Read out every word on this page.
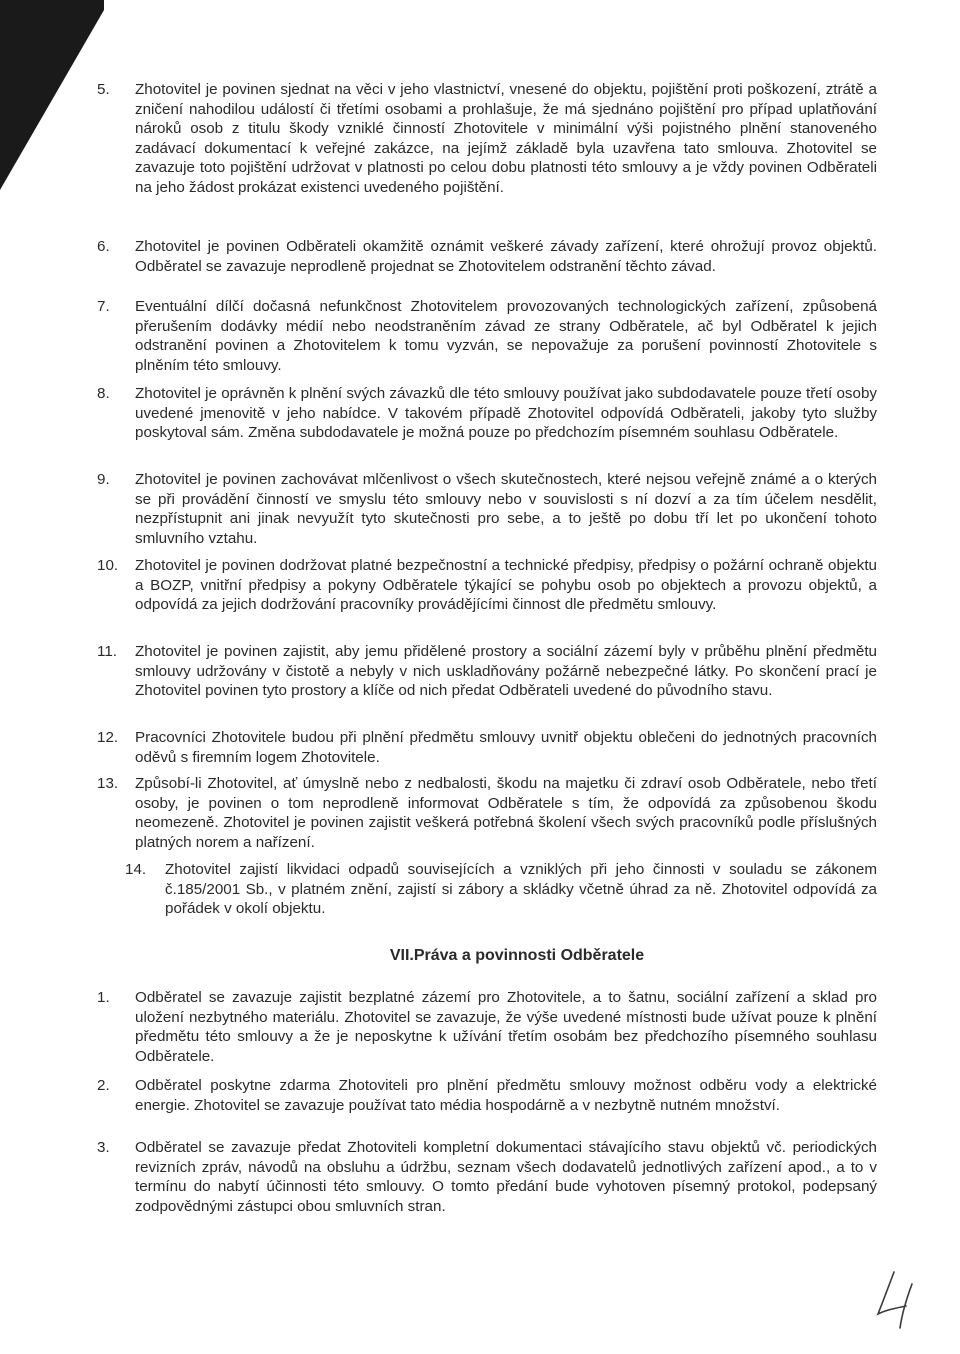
5. Zhotovitel je povinen sjednat na věci v jeho vlastnictví, vnesené do objektu, pojištění proti poškození, ztrátě a zničení nahodilou událostí či třetími osobami a prohlašuje, že má sjednáno pojištění pro případ uplatňování nároků osob z titulu škody vzniklé činností Zhotovitele v minimální výši pojistného plnění stanoveného zadávací dokumentací k veřejné zakázce, na jejímž základě byla uzavřena tato smlouva. Zhotovitel se zavazuje toto pojištění udržovat v platnosti po celou dobu platnosti této smlouvy a je vždy povinen Odběrateli na jeho žádost prokázat existenci uvedeného pojištění.

6. Zhotovitel je povinen Odběrateli okamžitě oznámit veškeré závady zařízení, které ohrožují provoz objektů. Odběratel se zavazuje neprodleně projednat se Zhotovitelem odstranění těchto závad.

7. Eventuální dílčí dočasná nefunkčnost Zhotovitelem provozovaných technologických zařízení, způsobená přerušením dodávky médií nebo neodstraněním závad ze strany Odběratele, ač byl Odběratel k jejich odstranění povinen a Zhotovitelem k tomu vyzván, se nepovažuje za porušení povinností Zhotovitele s plněním této smlouvy.

8. Zhotovitel je oprávněn k plnění svých závazků dle této smlouvy používat jako subdodavatele pouze třetí osoby uvedené jmenovitě v jeho nabídce. V takovém případě Zhotovitel odpovídá Odběrateli, jakoby tyto služby poskytoval sám. Změna subdodavatele je možná pouze po předchozím písemném souhlasu Odběratele.

9. Zhotovitel je povinen zachovávat mlčenlivost o všech skutečnostech, které nejsou veřejně známé a o kterých se při provádění činností ve smyslu této smlouvy nebo v souvislosti s ní dozví a za tím účelem nesdělit, nezpřístupnit ani jinak nevyužít tyto skutečnosti pro sebe, a to ještě po dobu tří let po ukončení tohoto smluvního vztahu.

10. Zhotovitel je povinen dodržovat platné bezpečnostní a technické předpisy, předpisy o požární ochraně objektu a BOZP, vnitřní předpisy a pokyny Odběratele týkající se pohybu osob po objektech a provozu objektů, a odpovídá za jejich dodržování pracovníky provádějícími činnost dle předmětu smlouvy.

11. Zhotovitel je povinen zajistit, aby jemu přidělené prostory a sociální zázemí byly v průběhu plnění předmětu smlouvy udržovány v čistotě a nebyly v nich uskladňovány požárně nebezpečné látky. Po skončení prací je Zhotovitel povinen tyto prostory a klíče od nich předat Odběrateli uvedené do původního stavu.

12. Pracovníci Zhotovitele budou při plnění předmětu smlouvy uvnitř objektu oblečeni do jednotných pracovních oděvů s firemním logem Zhotovitele.

13. Způsobí-li Zhotovitel, ať úmyslně nebo z nedbalosti, škodu na majetku či zdraví osob Odběratele, nebo třetí osoby, je povinen o tom neprodleně informovat Odběratele s tím, že odpovídá za způsobenou škodu neomezeně. Zhotovitel je povinen zajistit veškerá potřebná školení všech svých pracovníků podle příslušných platných norem a nařízení.

14.	Zhotovitel zajistí likvidaci odpadů souvisejících a vzniklých při jeho činnosti v souladu se zákonem č.185/2001 Sb., v platném znění, zajistí si zábory a skládky včetně úhrad za ně. Zhotovitel odpovídá za pořádek v okolí objektu.

VII.Práva a povinnosti Odběratele

1. Odběratel se zavazuje zajistit bezplatné zázemí pro Zhotovitele, a to šatnu, sociální zařízení a sklad pro uložení nezbytného materiálu. Zhotovitel se zavazuje, že výše uvedené místnosti bude užívat pouze k plnění předmětu této smlouvy a že je neposkytne k užívání třetím osobám bez předchozího písemného souhlasu Odběratele.

2. Odběratel poskytne zdarma Zhotoviteli pro plnění předmětu smlouvy možnost odběru vody a elektrické energie. Zhotovitel se zavazuje používat tato média hospodárně a v nezbytně nutném množství.

3. Odběratel se zavazuje předat Zhotoviteli kompletní dokumentaci stávajícího stavu objektů vč. periodických revizních zpráv, návodů na obsluhu a údržbu, seznam všech dodavatelů jednotlivých zařízení apod., a to v termínu do nabytí účinnosti této smlouvy. O tomto předání bude vyhotoven písemný protokol, podepsaný zodpovědnými zástupci obou smluvních stran.
